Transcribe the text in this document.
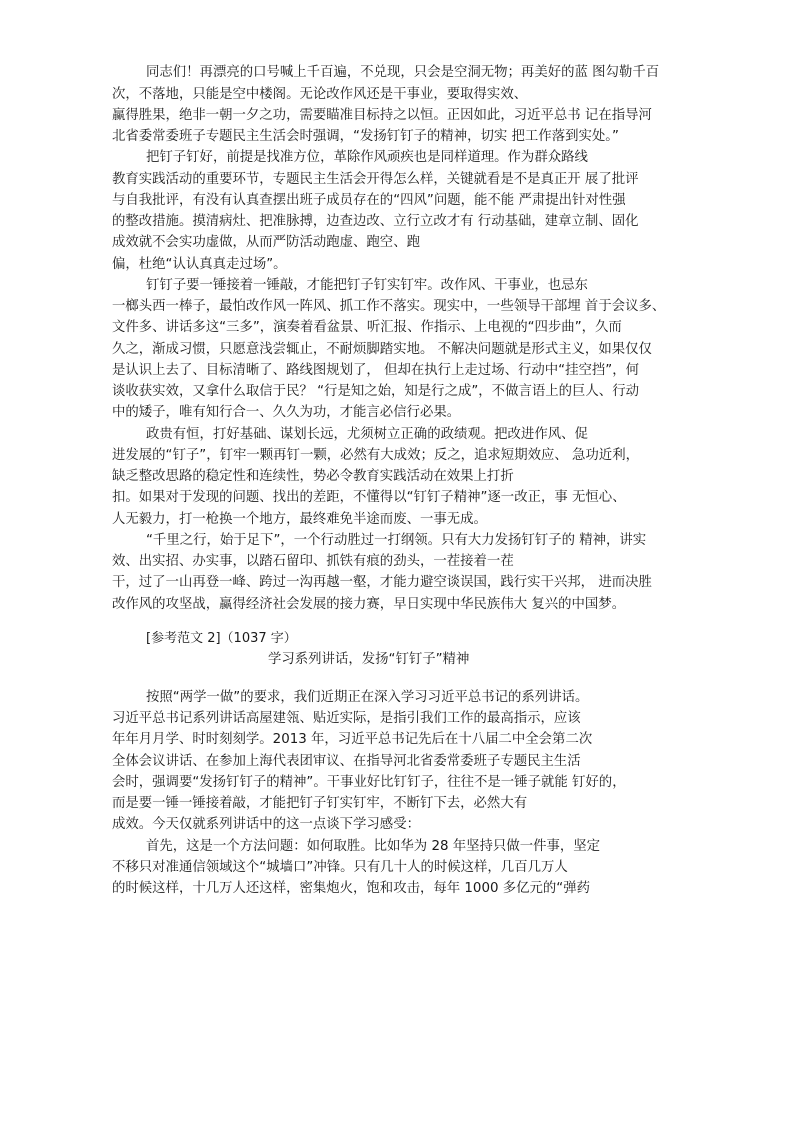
同志们！再漂亮的口号喊上千百遍，不兑现，只会是空洞无物；再美好的蓝 图勾勒千百
次，不落地，只能是空中楼阁。无论改作风还是干事业，要取得实效、
赢得胜果，绝非一朝一夕之功，需要瞄准目标持之以恒。正因如此，习近平总书 记在指导河
北省委常委班子专题民主生活会时强调，“发扬钉钉子的精神，切实 把工作落到实处。”
把钉子钉好，前提是找准方位，革除作风顽疾也是同样道理。作为群众路线
教育实践活动的重要环节，专题民主生活会开得怎么样，关键就看是不是真正开 展了批评
与自我批评，有没有认真查摆出班子成员存在的“四风”问题，能不能 严肃提出针对性强
的整改措施。摸清病灶、把准脉搏，边查边改、立行立改才有 行动基础，建章立制、固化
成效就不会实功虚做，从而严防活动跑虚、跑空、跑
偏，杜绝“认认真真走过场”。
钉钉子要一锤接着一锤敲，才能把钉子钉实钉牢。改作风、干事业，也忌东
一榔头西一棒子，最怕改作风一阵风、抓工作不落实。现实中，一些领导干部埋 首于会议多、
文件多、讲话多这“三多”，演奏着看盆景、听汇报、作指示、上电视的“四步曲”，久而
久之，渐成习惯，只愿意浅尝辄止，不耐烦脚踏实地。 不解决问题就是形式主义，如果仅仅
是认识上去了、目标清晰了、路线图规划了， 但却在执行上走过场、行动中“挂空挡”，何
谈收获实效，又拿什么取信于民？ “行是知之始，知是行之成”，不做言语上的巨人、行动
中的矮子，唯有知行合一、久久为功，才能言必信行必果。
政贵有恒，打好基础、谋划长远，尤须树立正确的政绩观。把改进作风、促
进发展的“钉子”，钉牢一颗再钉一颗，必然有大成效；反之，追求短期效应、 急功近利，
缺乏整改思路的稳定性和连续性，势必令教育实践活动在效果上打折
扣。如果对于发现的问题、找出的差距，不懂得以“钉钉子精神”逐一改正，事 无恒心、
人无毅力，打一枪换一个地方，最终难免半途而废、一事无成。
“千里之行，始于足下”，一个行动胜过一打纲领。只有大力发扬钉钉子的 精神，讲实
效、出实招、办实事，以踏石留印、抓铁有痕的劲头，一茬接着一茬
干，过了一山再登一峰、跨过一沟再越一壑，才能力避空谈误国，践行实干兴邦， 进而决胜
改作风的攻坚战，赢得经济社会发展的接力赛，早日实现中华民族伟大 复兴的中国梦。
[参考范文 2]（1037 字）
学习系列讲话，发扬“钉钉子”精神
按照“两学一做”的要求，我们近期正在深入学习习近平总书记的系列讲话。
习近平总书记系列讲话高屋建瓴、贴近实际，是指引我们工作的最高指示，应该
年年月月学、时时刻刻学。2013 年，习近平总书记先后在十八届二中全会第二次
全体会议讲话、在参加上海代表团审议、在指导河北省委常委班子专题民主生活
会时，强调要“发扬钉钉子的精神”。干事业好比钉钉子，往往不是一锤子就能 钉好的，
而是要一锤一锤接着敲，才能把钉子钉实钉牢，不断钉下去，必然大有
成效。今天仅就系列讲话中的这一点谈下学习感受：
首先，这是一个方法问题：如何取胜。比如华为 28 年坚持只做一件事，坚定
不移只对准通信领域这个“城墙口”冲锋。只有几十人的时候这样，几百几万人
的时候这样，十几万人还这样，密集炮火，饱和攻击，每年 1000 多亿元的“弹药
